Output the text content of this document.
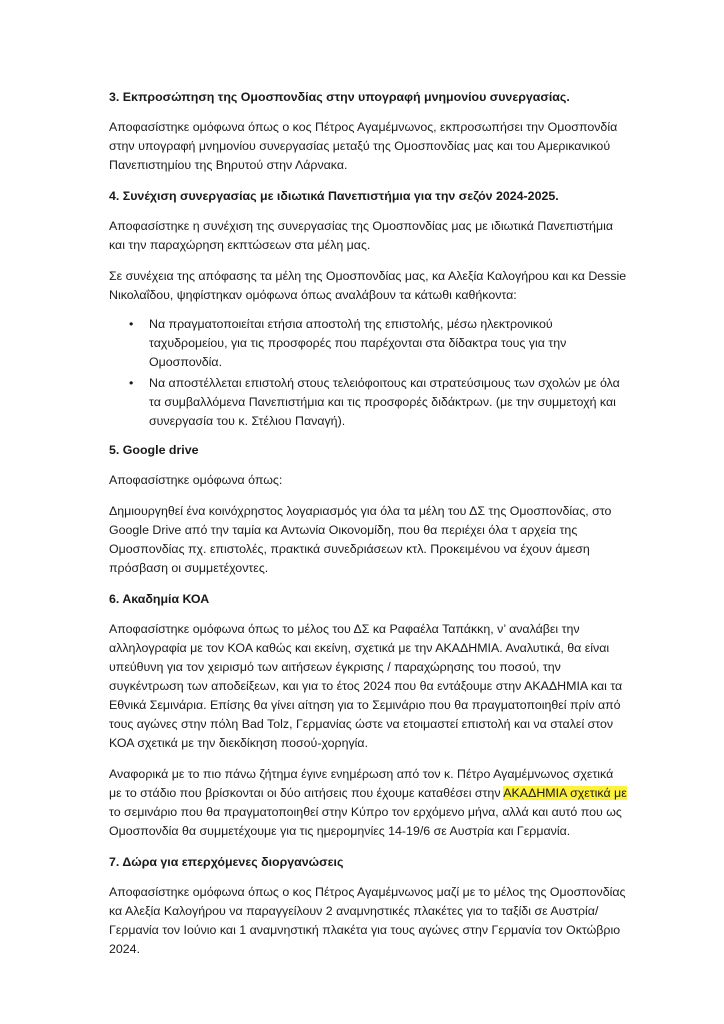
3. Εκπροσώπηση της Ομοσπονδίας στην υπογραφή μνημονίου συνεργασίας.

Αποφασίστηκε ομόφωνα όπως ο κος Πέτρος Αγαμέμνωνος, εκπροσωπήσει την Ομοσπονδία στην υπογραφή μνημονίου συνεργασίας μεταξύ της Ομοσπονδίας μας και του Αμερικανικού Πανεπιστημίου της Βηρυτού στην Λάρνακα.

4. Συνέχιση συνεργασίας με ιδιωτικά Πανεπιστήμια για την σεζόν 2024-2025.

Αποφασίστηκε η συνέχιση της συνεργασίας της Ομοσπονδίας μας με ιδιωτικά Πανεπιστήμια και την παραχώρηση εκπτώσεων στα μέλη μας.

Σε συνέχεια της απόφασης τα μέλη της Ομοσπονδίας μας, κα Αλεξία Καλογήρου και κα Dessie Νικολαΐδου, ψηφίστηκαν ομόφωνα όπως αναλάβουν τα κάτωθι καθήκοντα:

• Να πραγματοποιείται ετήσια αποστολή της επιστολής, μέσω ηλεκτρονικού ταχυδρομείου, για τις προσφορές που παρέχονται στα δίδακτρα τους για την Ομοσπονδία.
• Να αποστέλλεται επιστολή στους τελειόφοιτους και στρατεύσιμους των σχολών με όλα τα συμβαλλόμενα Πανεπιστήμια και τις προσφορές διδάκτρων. (με την συμμετοχή και συνεργασία του κ. Στέλιου Παναγή).

5. Google drive

Αποφασίστηκε ομόφωνα όπως:

Δημιουργηθεί ένα κοινόχρηστος λογαριασμός για όλα τα μέλη του ΔΣ της Ομοσπονδίας, στο Google Drive από την ταμία κα Αντωνία Οικονομίδη, που θα περιέχει όλα τ αρχεία της Ομοσπονδίας πχ. επιστολές, πρακτικά συνεδριάσεων κτλ. Προκειμένου να έχουν άμεση πρόσβαση οι συμμετέχοντες.

6. Ακαδημία ΚΟΑ

Αποφασίστηκε ομόφωνα όπως το μέλος του ΔΣ κα Ραφαέλα Ταπάκκη, ν’ αναλάβει την αλληλογραφία με τον ΚΟΑ καθώς και εκείνη, σχετικά με την ΑΚΑΔΗΜΙΑ. Αναλυτικά, θα είναι υπεύθυνη για τον χειρισμό των αιτήσεων έγκρισης / παραχώρησης του ποσού, την συγκέντρωση των αποδείξεων, και για το έτος 2024 που θα εντάξουμε στην ΑΚΑΔΗΜΙΑ και τα Εθνικά Σεμινάρια. Επίσης θα γίνει αίτηση για το Σεμινάριο που θα πραγματοποιηθεί πρίν από τους αγώνες στην πόλη Bad Tolz, Γερμανίας ώστε να ετοιμαστεί επιστολή και να σταλεί στον ΚΟΑ σχετικά με την διεκδίκηση ποσού-χορηγία.

Αναφορικά με το πιο πάνω ζήτημα έγινε ενημέρωση από τον κ. Πέτρο Αγαμέμνωνος σχετικά με το στάδιο που βρίσκονται οι δύο αιτήσεις που έχουμε καταθέσει στην ΑΚΑΔΗΜΙΑ σχετικά με το σεμινάριο που θα πραγματοποιηθεί στην Κύπρο τον ερχόμενο μήνα, αλλά και αυτό που ως Ομοσπονδία θα συμμετέχουμε για τις ημερομηνίες 14-19/6 σε Αυστρία και Γερμανία.

7. Δώρα για επερχόμενες διοργανώσεις

Αποφασίστηκε ομόφωνα όπως ο κος Πέτρος Αγαμέμνωνος μαζί με το μέλος της Ομοσπονδίας κα Αλεξία Καλογήρου να παραγγείλουν 2 αναμνηστικές πλακέτες για το ταξίδι σε Αυστρία/Γερμανία τον Ιούνιο και 1 αναμνηστική πλακέτα για τους αγώνες στην Γερμανία τον Οκτώβριο 2024.
